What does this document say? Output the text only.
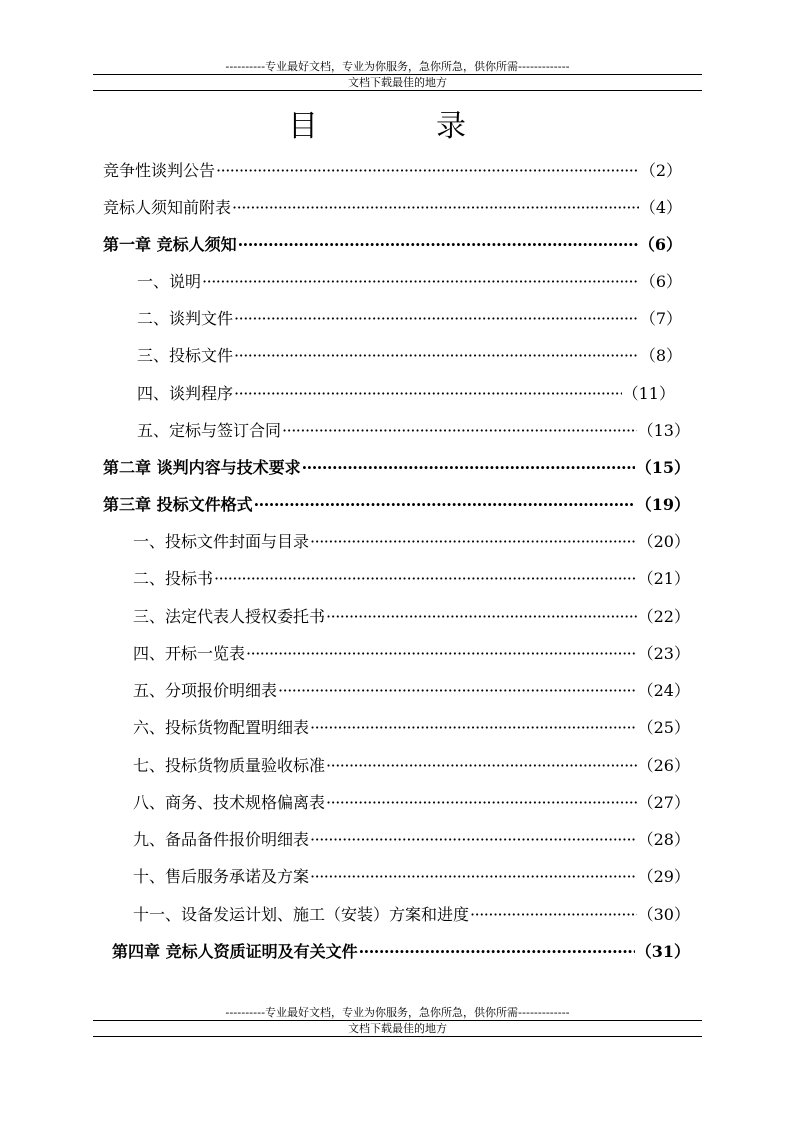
----------专业最好文档，专业为你服务，急你所急，供你所需-------------
文档下载最佳的地方
目	录
竞争性谈判公告 ·····	（2）
竞标人须知前附表 ·····	（4）
第一章 竞标人须知 ·····	（6）
一、说明 ·····	（6）
二、谈判文件 ·····	（7）
三、投标文件 ·····	（8）
四、谈判程序 ·····	（11）
五、定标与签订合同 ·····	（13）
第二章 谈判内容与技术要求 ·····	（15）
第三章 投标文件格式 ·····	（19）
一、投标文件封面与目录 ·····	（20）
二、投标书 ·····	（21）
三、法定代表人授权委托书 ·····	（22）
四、开标一览表 ·····	（23）
五、分项报价明细表 ·····	（24）
六、投标货物配置明细表 ·····	（25）
七、投标货物质量验收标准 ·····	（26）
八、商务、技术规格偏离表 ·····	（27）
九、备品备件报价明细表 ·····	（28）
十、售后服务承诺及方案 ·····	（29）
十一、设备发运计划、施工（安装）方案和进度 ·····	（30）
第四章 竞标人资质证明及有关文件 ·····	（31）
----------专业最好文档，专业为你服务，急你所急，供你所需-------------
文档下载最佳的地方
